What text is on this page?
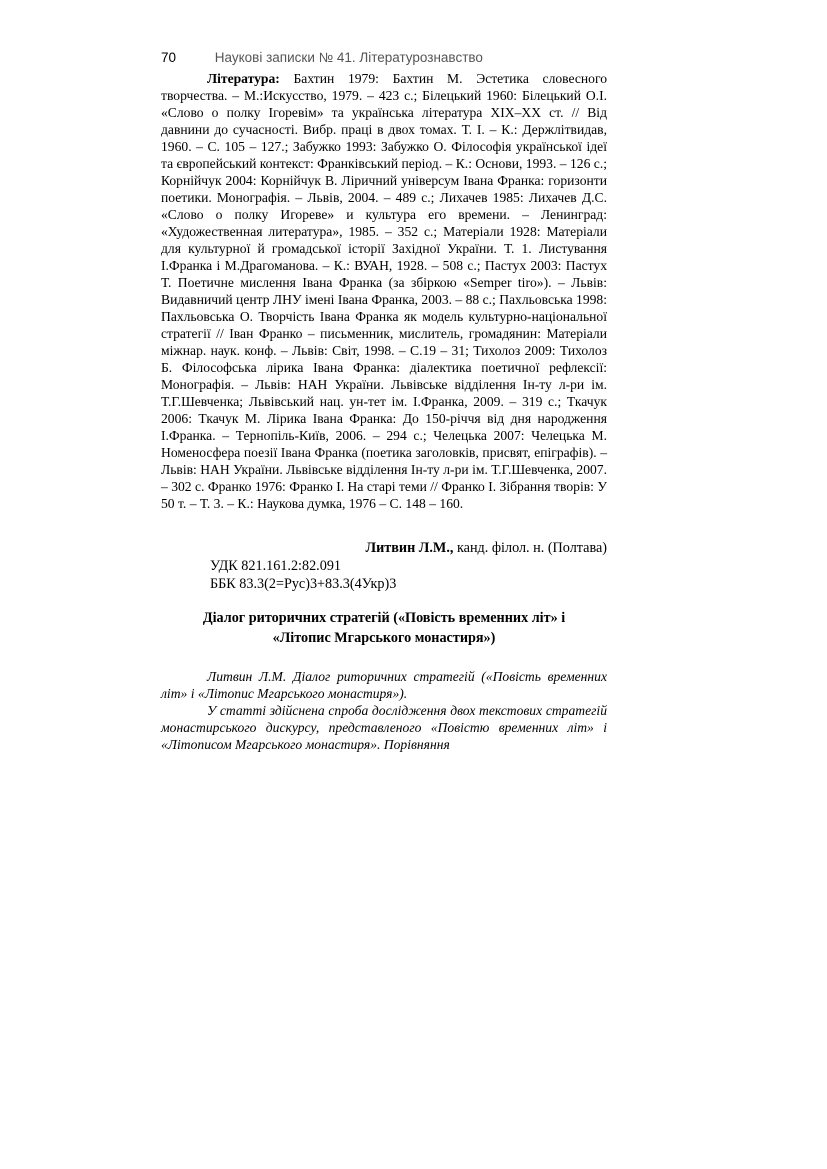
70	Наукові записки № 41. Літературознавство
Література: Бахтин 1979: Бахтин М. Эстетика словесного творчества. – М.:Искусство, 1979. – 423 с.; Білецький 1960: Білецький О.І. «Слово о полку Ігоревім» та українська література XIX–XX ст. // Від давнини до сучасності. Вибр. праці в двох томах. Т. І. – К.: Держлітвидав, 1960. – С. 105 – 127.; Забужко 1993: Забужко О. Філософія української ідеї та європейський контекст: Франківський період. – К.: Основи, 1993. – 126 с.; Корнійчук 2004: Корнійчук В. Ліричний універсум Івана Франка: горизонти поетики. Монографія. – Львів, 2004. – 489 с.; Лихачев 1985: Лихачев Д.С. «Слово о полку Игореве» и культура его времени. – Ленинград: «Художественная литература», 1985. – 352 с.; Матеріали 1928: Матеріали для культурної й громадської історії Західної України. Т. 1. Листування І.Франка і М.Драгоманова. – К.: ВУАН, 1928. – 508 с.; Пастух 2003: Пастух Т. Поетичне мислення Івана Франка (за збіркою «Semper tiro»). – Львів: Видавничий центр ЛНУ імені Івана Франка, 2003. – 88 с.; Пахльовська 1998: Пахльовська О. Творчість Івана Франка як модель культурно-національної стратегії // Іван Франко – письменник, мислитель, громадянин: Матеріали міжнар. наук. конф. – Львів: Світ, 1998. – С.19 – 31; Тихолоз 2009: Тихолоз Б. Філософська лірика Івана Франка: діалектика поетичної рефлексії: Монографія. – Львів: НАН України. Львівське відділення Ін-ту л-ри ім. Т.Г.Шевченка; Львівський нац. ун-тет ім. І.Франка, 2009. – 319 с.; Ткачук 2006: Ткачук М. Лірика Івана Франка: До 150-річчя від дня народження І.Франка. – Тернопіль-Київ, 2006. – 294 с.; Челецька 2007: Челецька М. Номеносфера поезії Івана Франка (поетика заголовків, присвят, епіграфів). – Львів: НАН України. Львівське відділення Ін-ту л-ри ім. Т.Г.Шевченка, 2007. – 302 с. Франко 1976: Франко І. На старі теми // Франко І. Зібрання творів: У 50 т. – Т. 3. – К.: Наукова думка, 1976 – С. 148 – 160.
Литвин Л.М., канд. філол. н. (Полтава)
УДК 821.161.2:82.091
ББК 83.3(2=Рус)3+83.3(4Укр)3
Діалог риторичних стратегій («Повість временних літ» і
«Літопис Мгарського монастиря»)

Литвин Л.М. Діалог риторичних стратегій («Повість временних літ» і «Літопис Мгарського монастиря»).

У статті здійснена спроба дослідження двох текстових стратегій монастирського дискурсу, представленого «Повістю временних літ» і «Літописом Мгарського монастиря». Порівняння
